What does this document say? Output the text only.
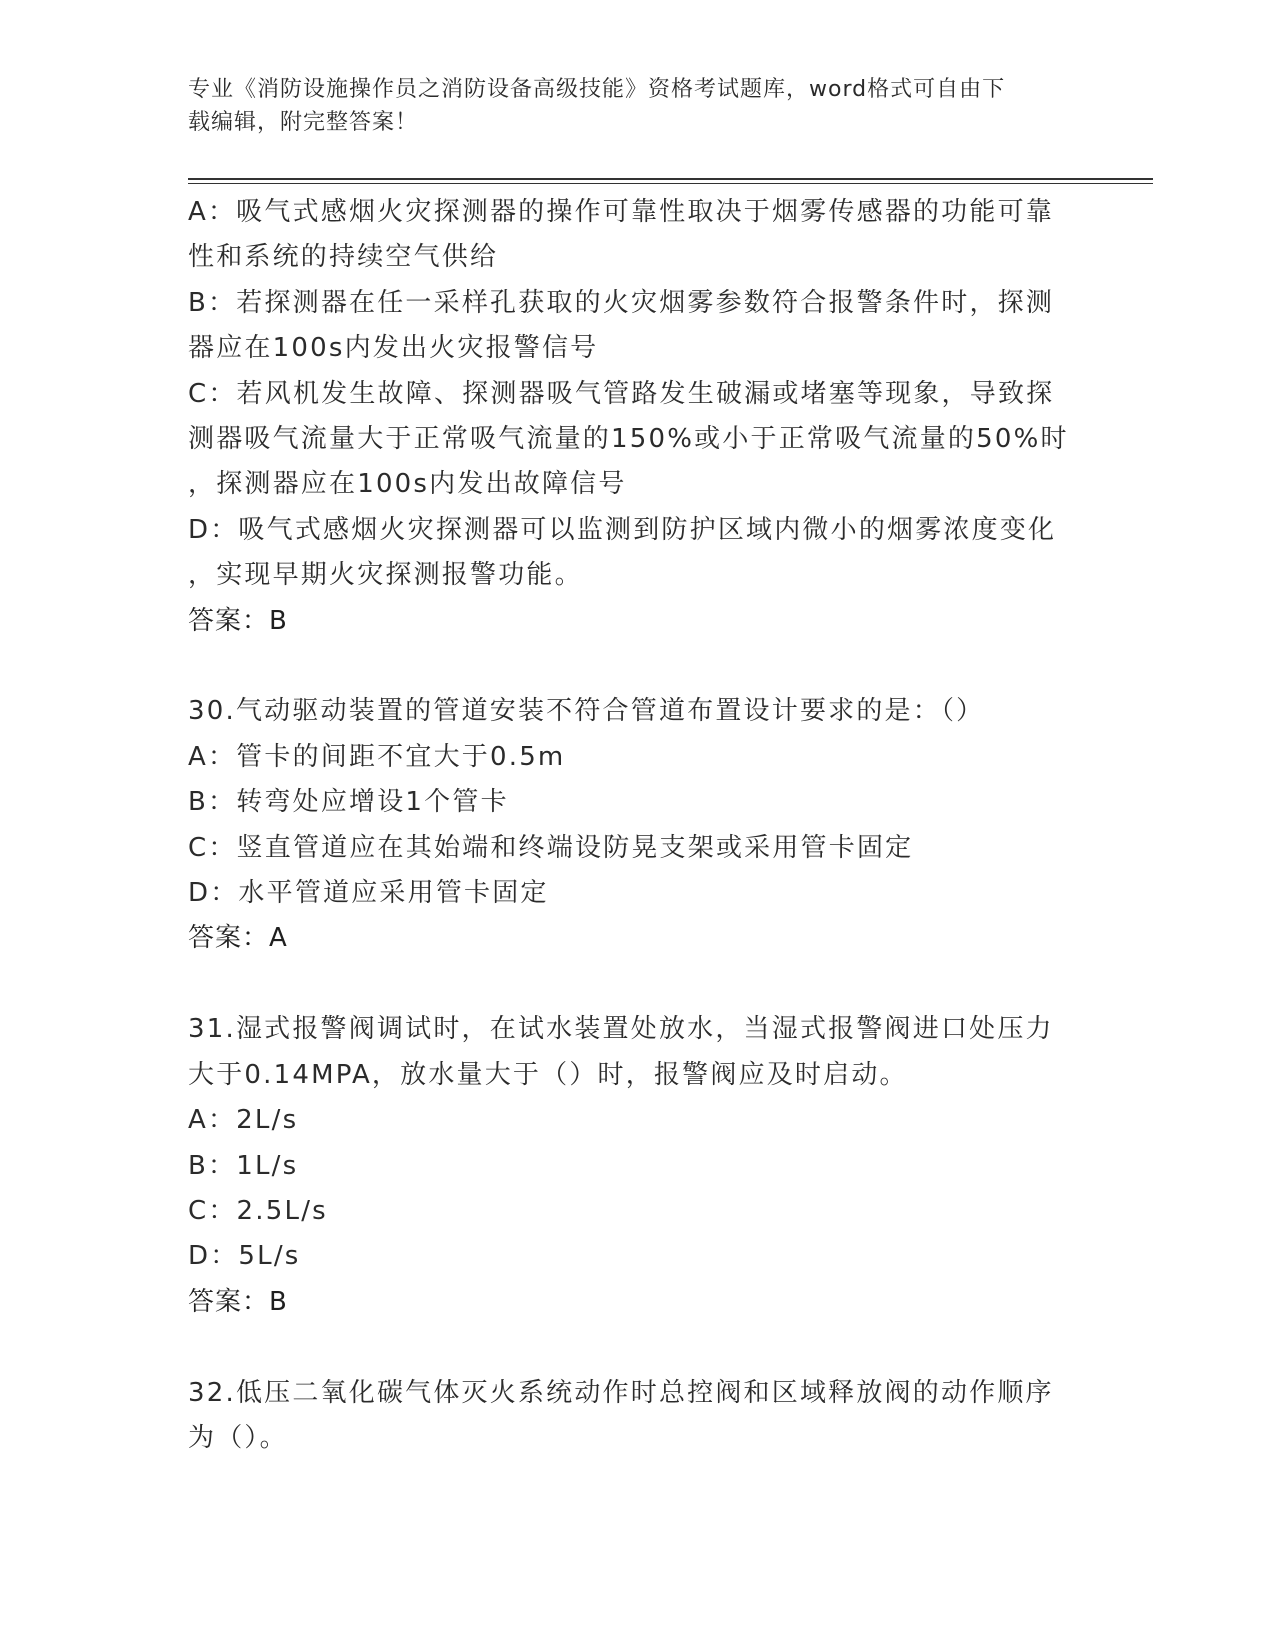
专业《消防设施操作员之消防设备高级技能》资格考试题库，word格式可自由下
载编辑，附完整答案！
A：吸气式感烟火灾探测器的操作可靠性取决于烟雾传感器的功能可靠
性和系统的持续空气供给
B：若探测器在任一采样孔获取的火灾烟雾参数符合报警条件时，探测
器应在100s内发出火灾报警信号
C：若风机发生故障、探测器吸气管路发生破漏或堵塞等现象，导致探
测器吸气流量大于正常吸气流量的150%或小于正常吸气流量的50%时
，探测器应在100s内发出故障信号
D：吸气式感烟火灾探测器可以监测到防护区域内微小的烟雾浓度变化
，实现早期火灾探测报警功能。
答案：B
30.气动驱动装置的管道安装不符合管道布置设计要求的是：（）
A：管卡的间距不宜大于0.5m
B：转弯处应增设1个管卡
C：竖直管道应在其始端和终端设防晃支架或采用管卡固定
D：水平管道应采用管卡固定
答案：A
31.湿式报警阀调试时，在试水装置处放水，当湿式报警阀进口处压力
大于0.14MPA，放水量大于（）时，报警阀应及时启动。
A：2L/s
B：1L/s
C：2.5L/s
D：5L/s
答案：B
32.低压二氧化碳气体灭火系统动作时总控阀和区域释放阀的动作顺序
为（）。
